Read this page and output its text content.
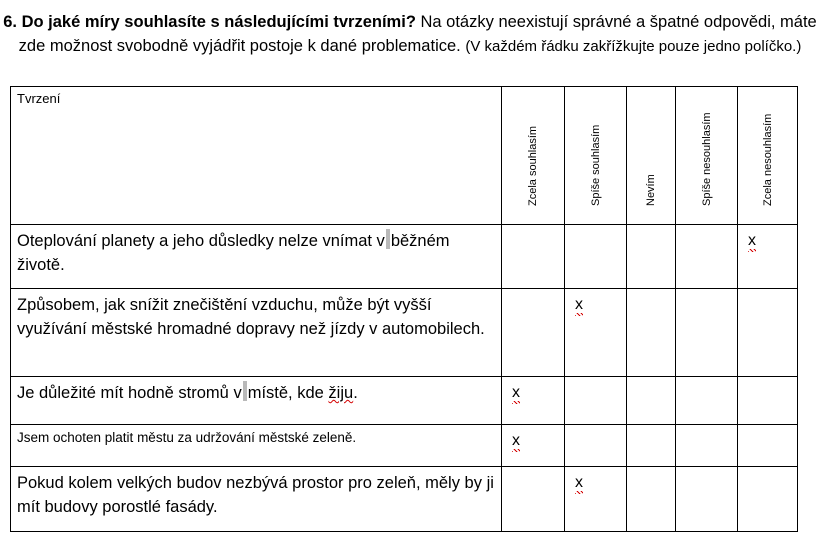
6. Do jaké míry souhlasíte s následujícími tvrzeními? Na otázky neexistují správné a špatné odpovědi, máte zde možnost svobodně vyjádřit postoje k dané problematice. (V každém řádku zakřížkujte pouze jedno políčko.)
Tvrzení	Zcela souhlasím	Spíše souhlasím	Nevím	Spíše nesouhlasím	Zcela nesouhlasím

Oteplování planety a jeho důsledky nelze vnímat v běžném životě.					x

Způsobem, jak snížit znečištění vzduchu, může být vyšší využívání městské hromadné dopravy než jízdy v automobilech.		x			

Je důležité mít hodně stromů v místě, kde žiju.	x				

Jsem ochoten platit městu za udržování městské zeleně.	x				

Pokud kolem velkých budov nezbývá prostor pro zeleň, měly by ji mít budovy porostlé fasády.		x			
